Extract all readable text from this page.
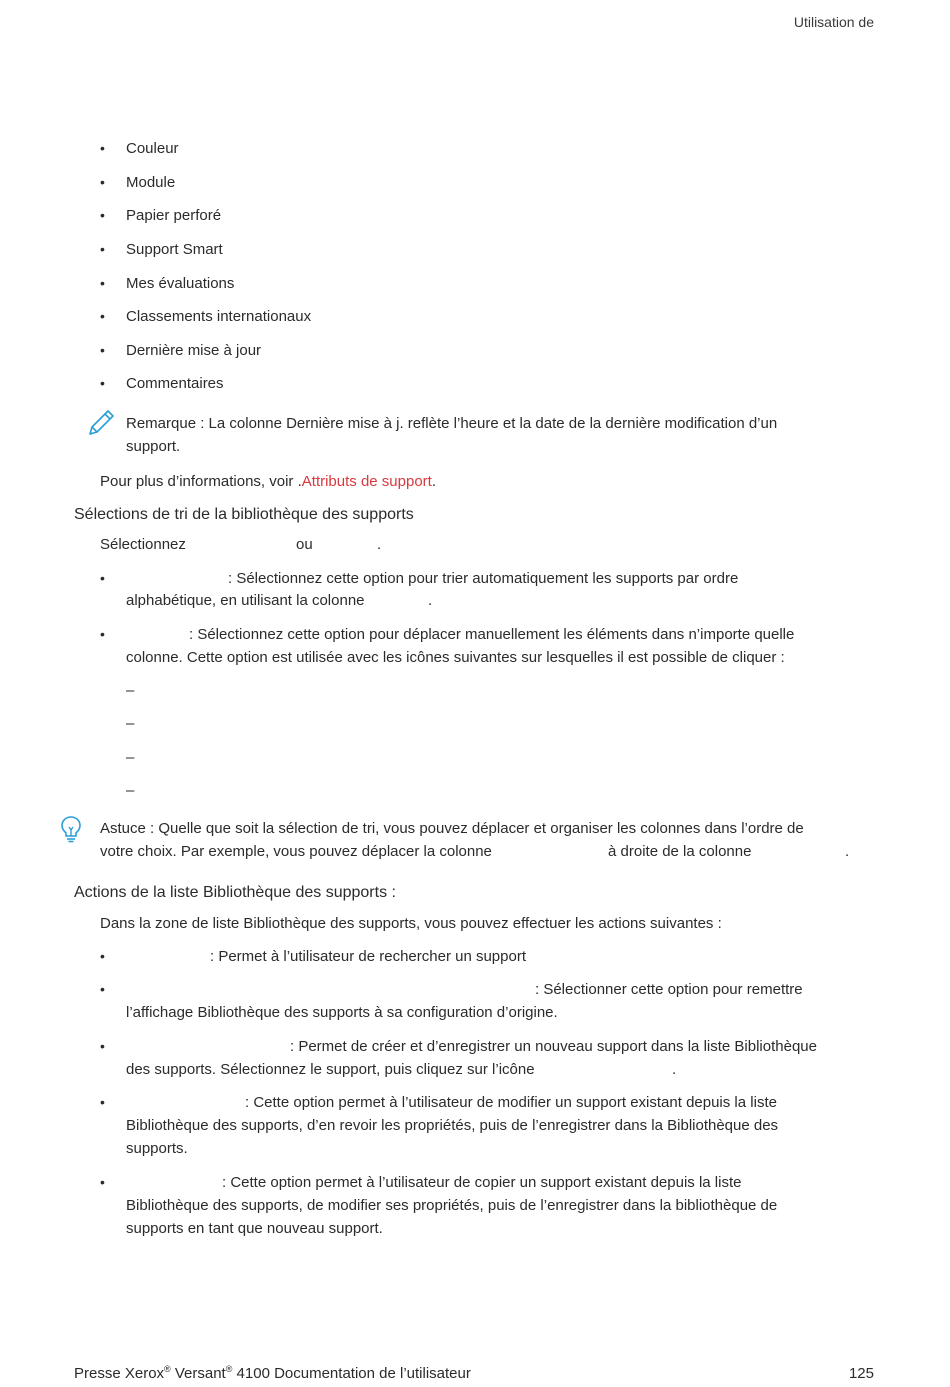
Utilisation de
• Couleur
• Module
• Papier perforé
• Support Smart
• Mes évaluations
• Classements internationaux
• Dernière mise à jour
• Commentaires
Remarque : La colonne Dernière mise à j. reflète l’heure et la date de la dernière modification d’un
support.
Pour plus d’informations, voir .Attributs de support.
Sélections de tri de la bibliothèque des supports
Sélectionnez	ou	.
•	: Sélectionnez cette option pour trier automatiquement les supports par ordre
alphabétique, en utilisant la colonne	.
•	: Sélectionnez cette option pour déplacer manuellement les éléments dans n’importe quelle
colonne. Cette option est utilisée avec les icônes suivantes sur lesquelles il est possible de cliquer :
–
–
–
–
Astuce : Quelle que soit la sélection de tri, vous pouvez déplacer et organiser les colonnes dans l’ordre de
votre choix. Par exemple, vous pouvez déplacer la colonne	à droite de la colonne	.
Actions de la liste Bibliothèque des supports :
Dans la zone de liste Bibliothèque des supports, vous pouvez effectuer les actions suivantes :
•	: Permet à l’utilisateur de rechercher un support
•	: Sélectionner cette option pour remettre
l’affichage Bibliothèque des supports à sa configuration d’origine.
•	: Permet de créer et d’enregistrer un nouveau support dans la liste Bibliothèque
des supports. Sélectionnez le support, puis cliquez sur l’icône	.
•	: Cette option permet à l’utilisateur de modifier un support existant depuis la liste
Bibliothèque des supports, d’en revoir les propriétés, puis de l’enregistrer dans la Bibliothèque des
supports.
•	: Cette option permet à l’utilisateur de copier un support existant depuis la liste
Bibliothèque des supports, de modifier ses propriétés, puis de l’enregistrer dans la bibliothèque de
supports en tant que nouveau support.
Presse Xerox® Versant® 4100 Documentation de l’utilisateur	125
